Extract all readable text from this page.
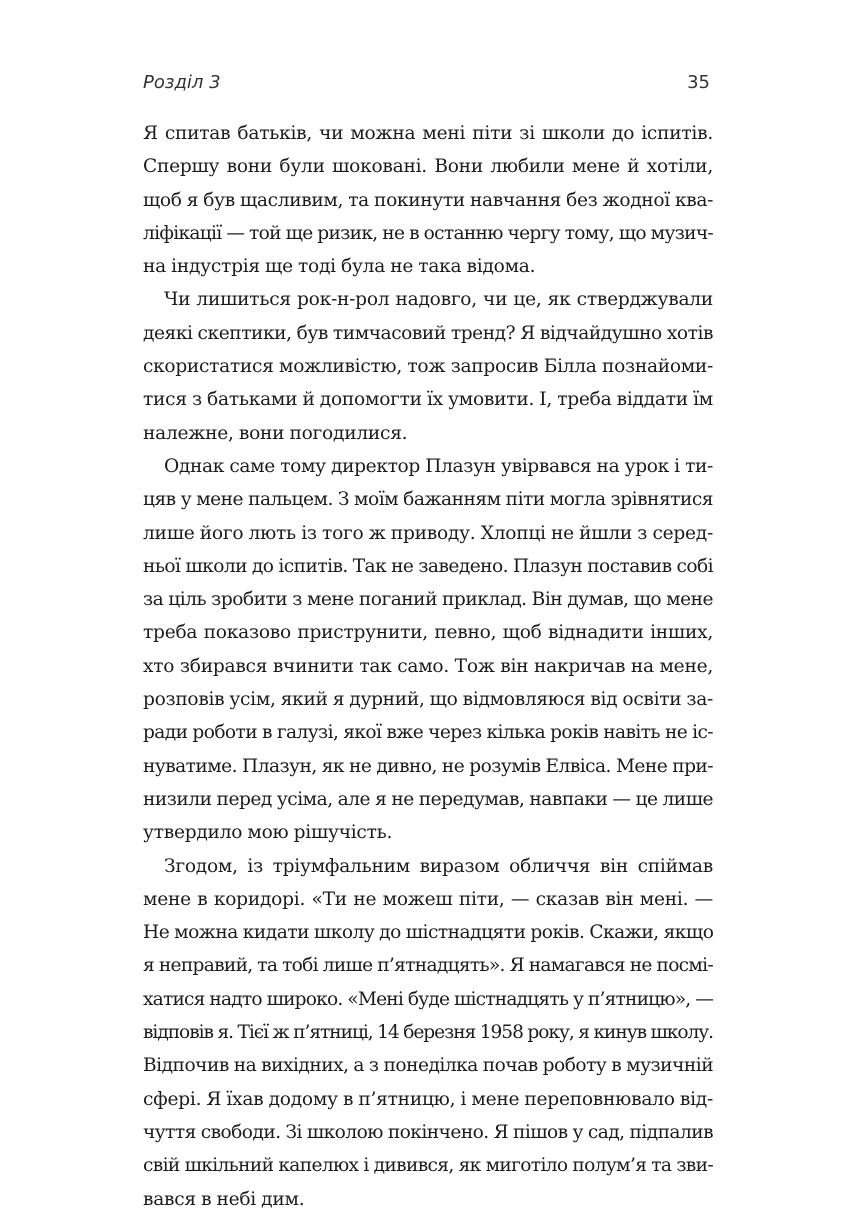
Розділ 3	35
Я спитав батьків, чи можна мені піти зі школи до іспитів.
Спершу вони були шоковані. Вони любили мене й хотіли,
щоб я був щасливим, та покинути навчання без жодної ква-
ліфікації — той ще ризик, не в останню чергу тому, що музич-
на індустрія ще тоді була не така відома.
Чи лишиться рок-н-рол надовго, чи це, як стверджували
деякі скептики, був тимчасовий тренд? Я відчайдушно хотів
скористатися можливістю, тож запросив Білла познайоми-
тися з батьками й допомогти їх умовити. І, треба віддати їм
належне, вони погодилися.
Однак саме тому директор Плазун увірвався на урок і ти-
цяв у мене пальцем. З моїм бажанням піти могла зрівнятися
лише його лють із того ж приводу. Хлопці не йшли з серед-
ньої школи до іспитів. Так не заведено. Плазун поставив собі
за ціль зробити з мене поганий приклад. Він думав, що мене
треба показово приструнити, певно, щоб віднадити інших,
хто збирався вчинити так само. Тож він накричав на мене,
розповів усім, який я дурний, що відмовляюся від освіти за-
ради роботи в галузі, якої вже через кілька років навіть не іс-
нуватиме. Плазун, як не дивно, не розумів Елвіса. Мене при-
низили перед усіма, але я не передумав, навпаки — це лише
утвердило мою рішучість.
Згодом, із тріумфальним виразом обличчя він спіймав
мене в коридорі. «Ти не можеш піти, — сказав він мені. —
Не можна кидати школу до шістнадцяти років. Скажи, якщо
я неправий, та тобі лише п’ятнадцять». Я намагався не посмі-
хатися надто широко. «Мені буде шістнадцять у п’ятницю», —
відповів я. Тієї ж п’ятниці, 14 березня 1958 року, я кинув школу.
Відпочив на вихідних, а з понеділка почав роботу в музичній
сфері. Я їхав додому в п’ятницю, і мене переповнювало від-
чуття свободи. Зі школою покінчено. Я пішов у сад, підпалив
свій шкільний капелюх і дивився, як миготіло полум’я та зви-
вався в небі дим.
